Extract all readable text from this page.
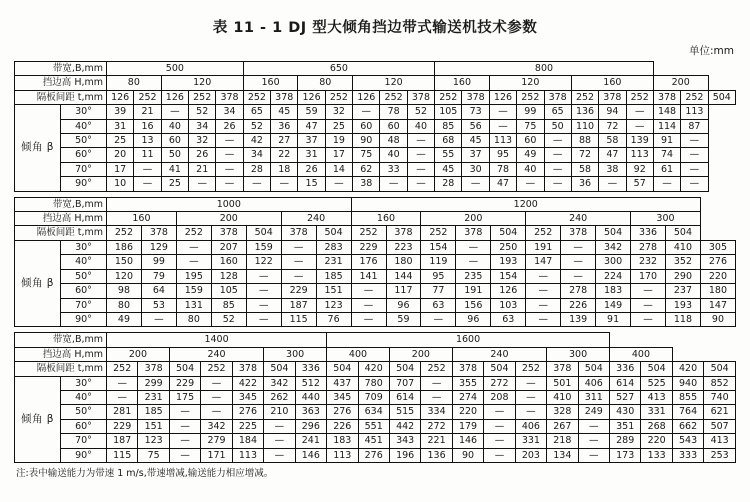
表 11 - 1 DJ 型大倾角挡边带式输送机技术参数
单位:mm
带宽,B,mm		500					650							800										
挡边高 H,mm		80		120			160		80		120			160		120			160			200		
隔板间距 t,mm		126	252	126	252	378	252	378	126	252	126	252	378	252	378	126	252	378	252	378	252	378	252	504
倾角 β	30°	39	21	—	52	34	65	45	59	32	—	78	52	105	73	—	99	65	136	94	—	148	113	
	40°	31	16	40	34	26	52	36	47	25	60	60	40	85	56	—	75	50	110	72	—	114	87	
	50°	25	13	60	32	—	42	27	37	19	90	48	—	68	45	113	60	—	88	58	139	91	—	
	60°	20	11	50	26	—	34	22	31	17	75	40	—	55	37	95	49	—	72	47	113	74	—	
	70°	17	—	41	21	—	28	18	26	14	62	33	—	45	30	78	40	—	58	38	92	61	—	
	90°	10	—	25	—	—	—	—	15	—	38	—	—	28	—	47	—	—	36	—	57	—	—	
带宽,B,mm		1000							1200										
挡边高 H,mm		160		200			240		160		200			240			300		
隔板间距 t,mm		252	378	252	378	504	378	504	252	378	252	378	504	252	378	504	336	504	
倾角 β	30°	186	129	—	207	159	—	283	229	223	154	—	250	191	—	342	278	410	305
	40°	150	99	—	160	122	—	231	176	180	119	—	193	147	—	300	232	352	276
	50°	120	79	195	128	—	—	185	141	144	95	235	154	—	—	224	170	290	220
	60°	98	64	159	105	—	229	151	—	117	77	191	126	—	278	183	—	237	180
	70°	80	53	131	85	—	187	123	—	96	63	156	103	—	226	149	—	193	147
	90°	49	—	80	52	—	115	76	—	59	—	96	63	—	139	91	—	118	90
带宽,B,mm		1400							1600												
挡边高 H,mm		200		240			300		400		200		240			300		400			
隔板间距 t,mm		252	378	504	252	378	504	336	504	420	504	252	378	504	252	378	504	336	504	420	504
倾角 β	30°	—	299	229	—	422	342	512	437	780	707	—	355	272	—	501	406	614	525	940	852
	40°	—	231	175	—	345	262	440	345	709	614	—	274	208	—	410	311	527	413	855	740
	50°	281	185	—	—	276	210	363	276	634	515	334	220	—	—	328	249	430	331	764	621
	60°	229	151	—	342	225	—	296	226	551	442	272	179	—	406	267	—	351	268	662	507
	70°	187	123	—	279	184	—	241	183	451	343	221	146	—	331	218	—	289	220	543	413
	90°	115	75	—	171	113	—	146	113	276	196	136	90	—	203	134	—	173	133	333	253
注:表中输送能力为带速 1 m/s,带速增减,输送能力相应增减。
